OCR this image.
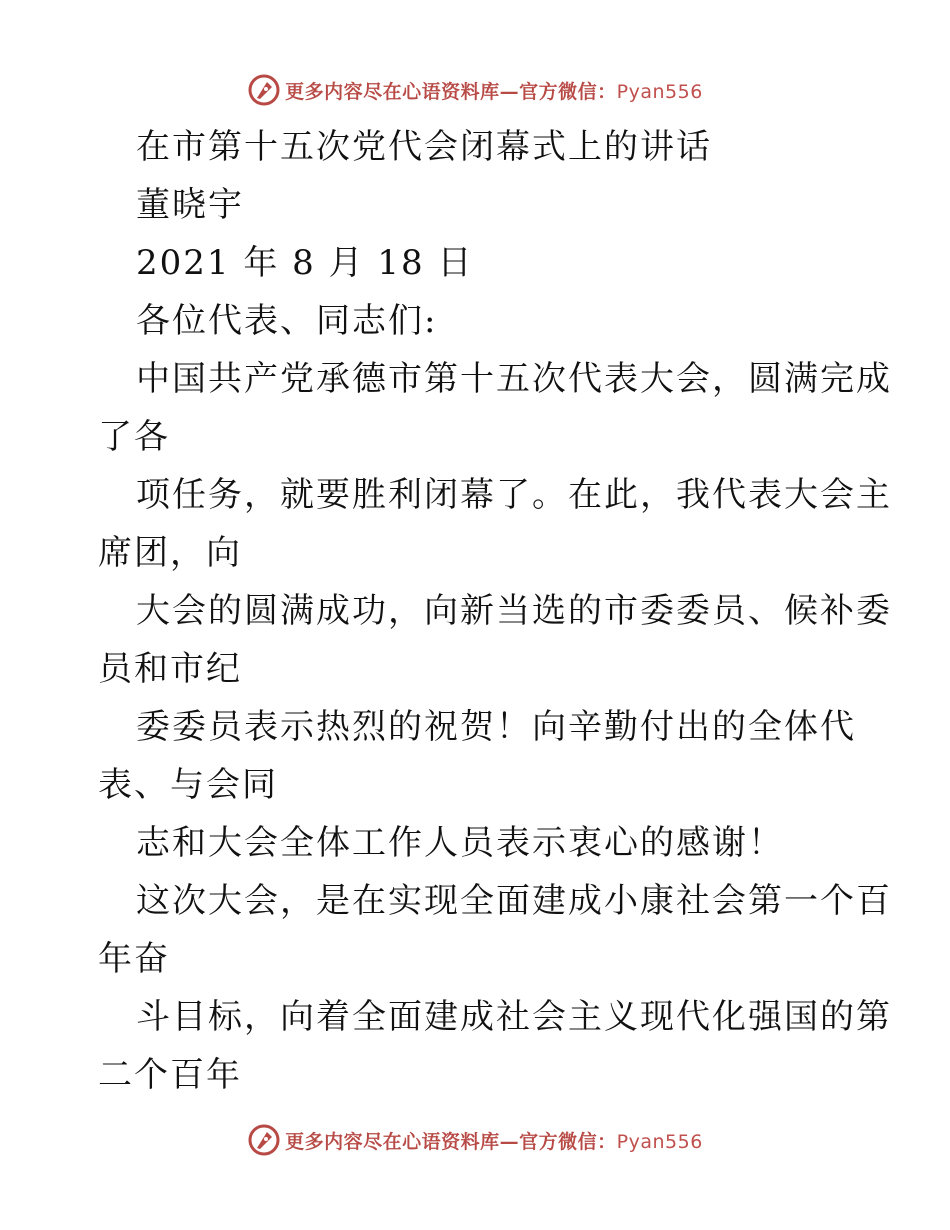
更多内容尽在心语资料库—官方微信：Pyan556
在市第十五次党代会闭幕式上的讲话
董晓宇
2021 年 8 月 18 日
各位代表、同志们:
中国共产党承德市第十五次代表大会，圆满完成
了各
项任务，就要胜利闭幕了。在此，我代表大会主
席团，向
大会的圆满成功，向新当选的市委委员、候补委
员和市纪
委委员表示热烈的祝贺！向辛勤付出的全体代
表、与会同
志和大会全体工作人员表示衷心的感谢！
这次大会，是在实现全面建成小康社会第一个百
年奋
斗目标，向着全面建成社会主义现代化强国的第
二个百年
更多内容尽在心语资料库—官方微信：Pyan556
